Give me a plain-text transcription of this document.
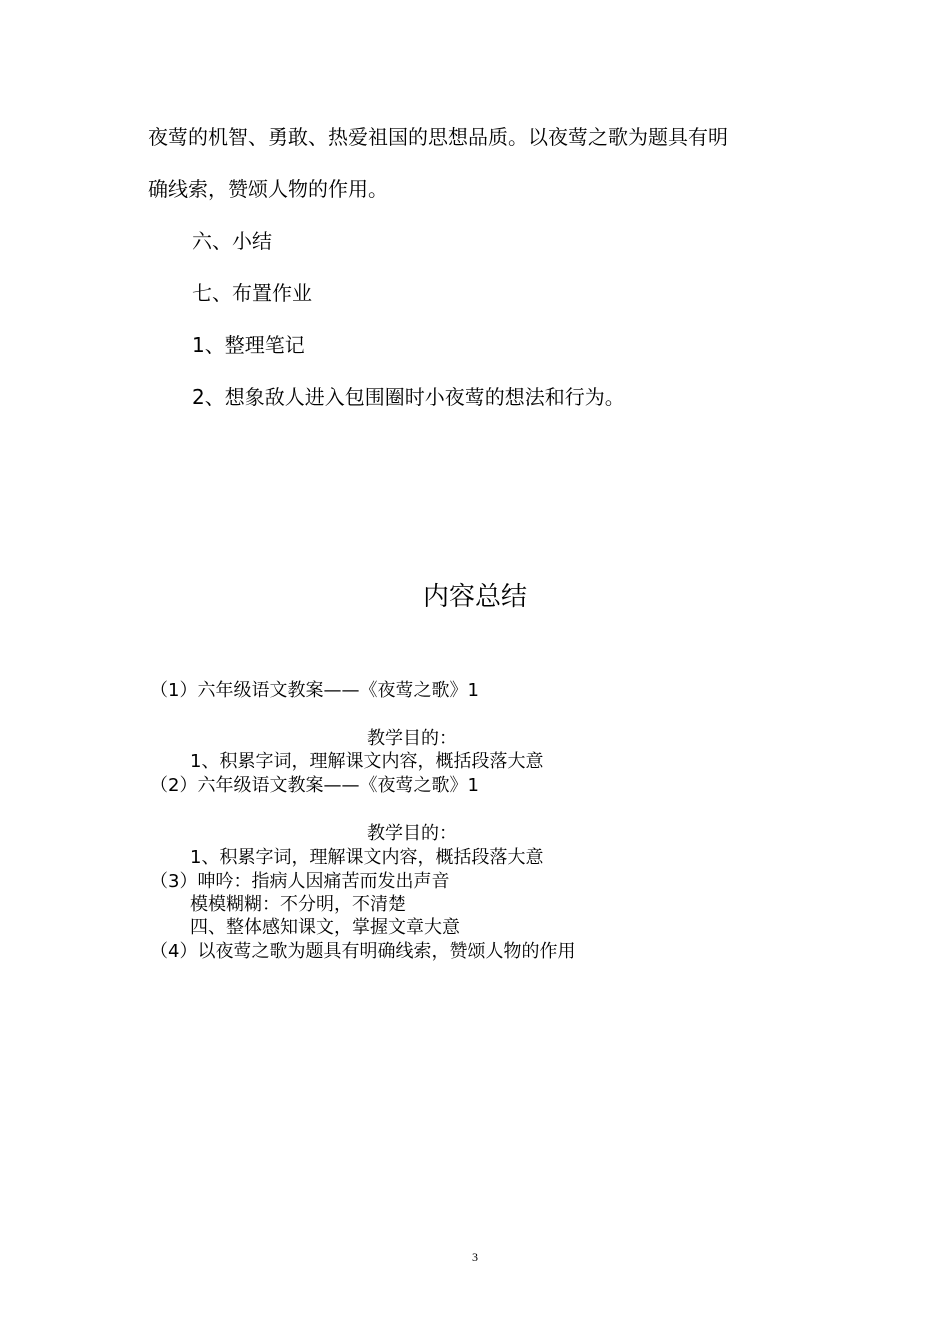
夜莺的机智、勇敢、热爱祖国的思想品质。以夜莺之歌为题具有明
确线索，赞颂人物的作用。
六、小结
七、布置作业
1、整理笔记
2、想象敌人进入包围圈时小夜莺的想法和行为。
内容总结
（1）六年级语文教案——《夜莺之歌》1
教学目的：
1、积累字词，理解课文内容，概括段落大意
（2）六年级语文教案——《夜莺之歌》1
教学目的：
1、积累字词，理解课文内容，概括段落大意
（3）呻吟：指病人因痛苦而发出声音
模模糊糊：不分明，不清楚
四、整体感知课文，掌握文章大意
（4）以夜莺之歌为题具有明确线索，赞颂人物的作用
3
